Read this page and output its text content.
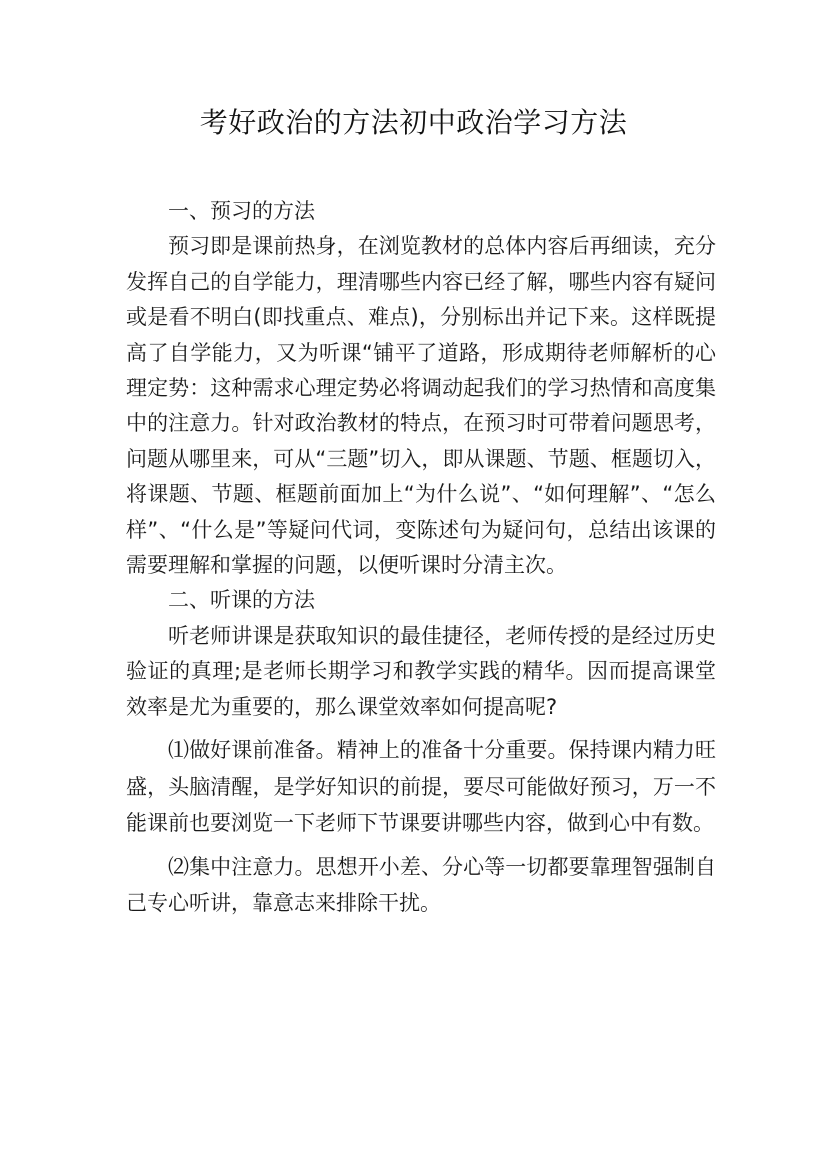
考好政治的方法初中政治学习方法

一、预习的方法

预习即是课前热身，在浏览教材的总体内容后再细读，充分发挥自己的自学能力，理清哪些内容已经了解，哪些内容有疑问或是看不明白(即找重点、难点)，分别标出并记下来。这样既提高了自学能力，又为听课“铺平了道路，形成期待老师解析的心理定势：这种需求心理定势必将调动起我们的学习热情和高度集中的注意力。针对政治教材的特点，在预习时可带着问题思考，问题从哪里来，可从“三题”切入，即从课题、节题、框题切入，将课题、节题、框题前面加上“为什么说”、“如何理解”、“怎么样”、“什么是”等疑问代词，变陈述句为疑问句，总结出该课的需要理解和掌握的问题，以便听课时分清主次。

二、听课的方法

听老师讲课是获取知识的最佳捷径，老师传授的是经过历史验证的真理;是老师长期学习和教学实践的精华。因而提高课堂效率是尤为重要的，那么课堂效率如何提高呢?

⑴做好课前准备。精神上的准备十分重要。保持课内精力旺盛，头脑清醒，是学好知识的前提，要尽可能做好预习，万一不能课前也要浏览一下老师下节课要讲哪些内容，做到心中有数。

⑵集中注意力。思想开小差、分心等一切都要靠理智强制自己专心听讲，靠意志来排除干扰。
